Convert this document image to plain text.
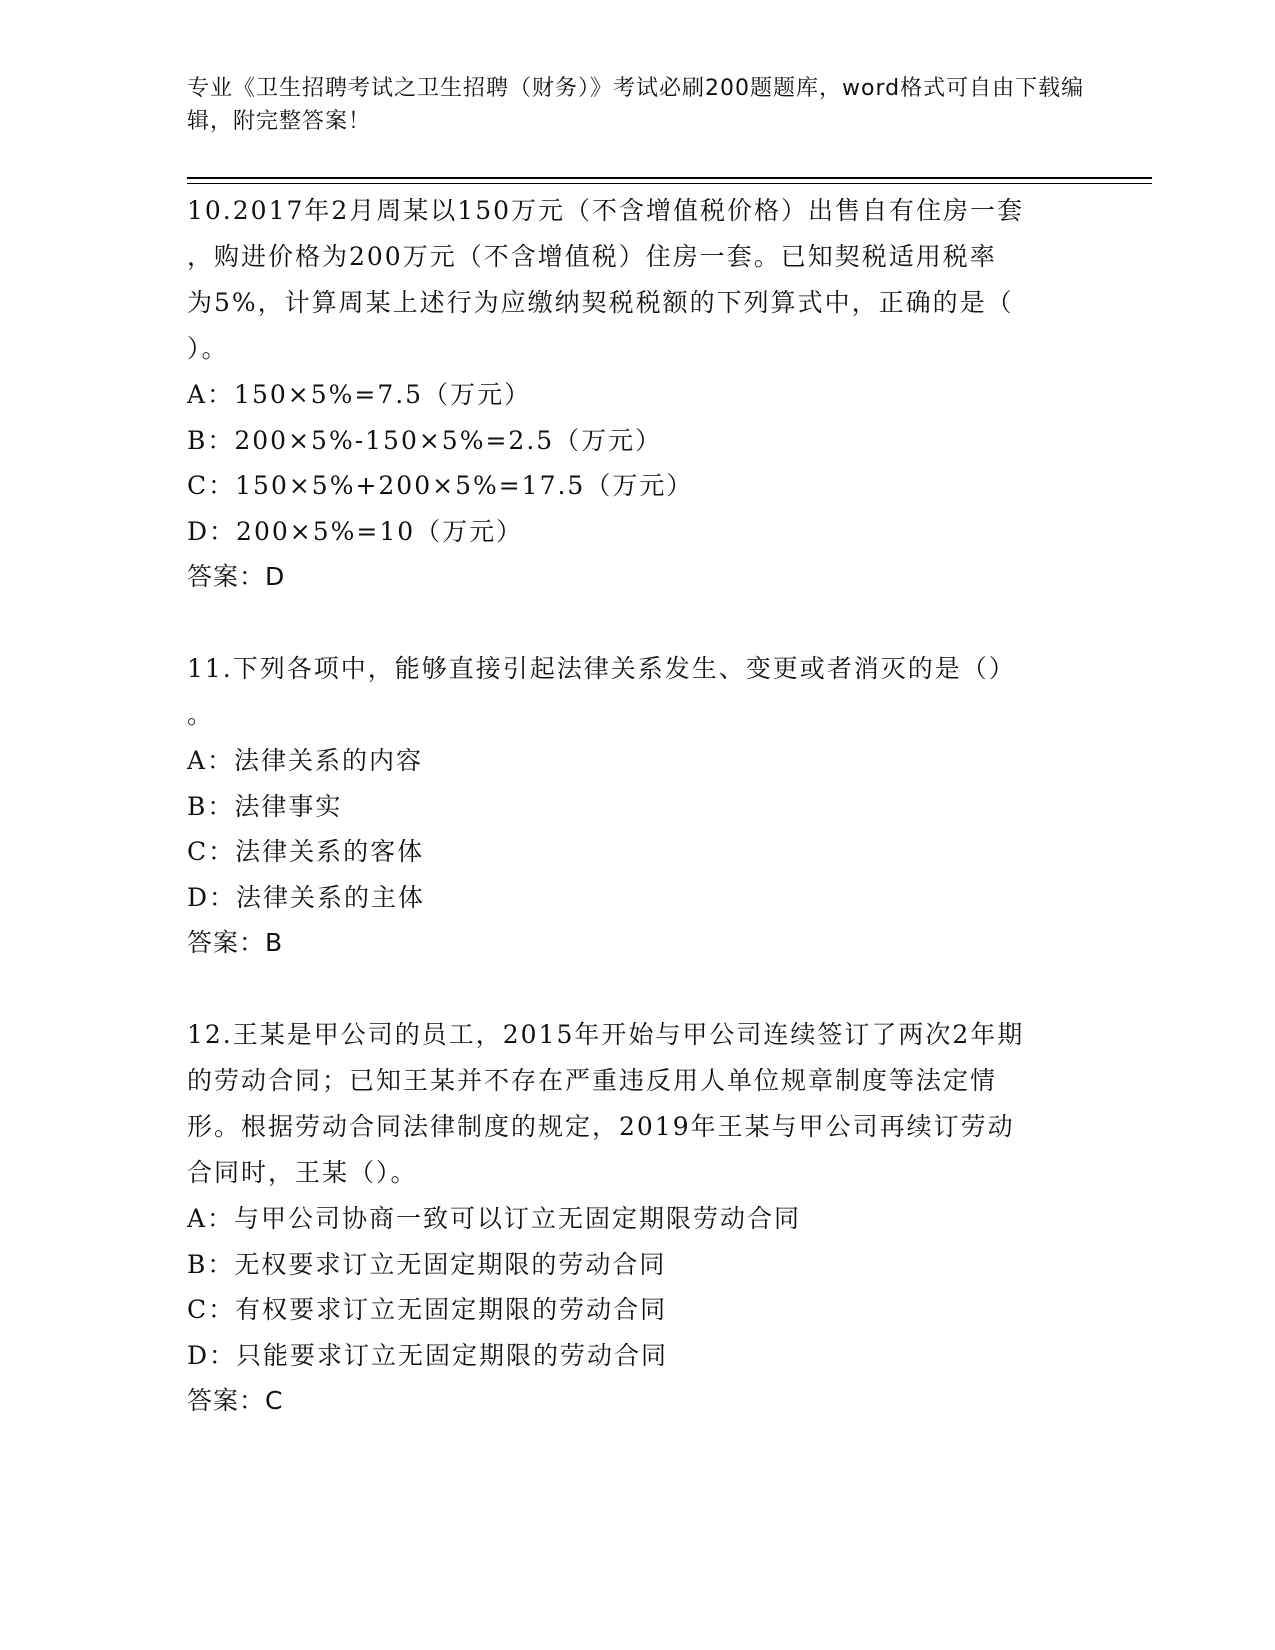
专业《卫生招聘考试之卫生招聘（财务）》考试必刷200题题库，word格式可自由下载编辑，附完整答案！
10.2017年2月周某以150万元（不含增值税价格）出售自有住房一套
，购进价格为200万元（不含增值税）住房一套。已知契税适用税率
为5%，计算周某上述行为应缴纳契税税额的下列算式中，正确的是（
）。
A：150×5%=7.5（万元）
B：200×5%-150×5%=2.5（万元）
C：150×5%+200×5%=17.5（万元）
D：200×5%=10（万元）
答案：D
11.下列各项中，能够直接引起法律关系发生、变更或者消灭的是（）
。
A：法律关系的内容
B：法律事实
C：法律关系的客体
D：法律关系的主体
答案：B
12.王某是甲公司的员工，2015年开始与甲公司连续签订了两次2年期
的劳动合同；已知王某并不存在严重违反用人单位规章制度等法定情
形。根据劳动合同法律制度的规定，2019年王某与甲公司再续订劳动
合同时，王某（）。
A：与甲公司协商一致可以订立无固定期限劳动合同
B：无权要求订立无固定期限的劳动合同
C：有权要求订立无固定期限的劳动合同
D：只能要求订立无固定期限的劳动合同
答案：C
